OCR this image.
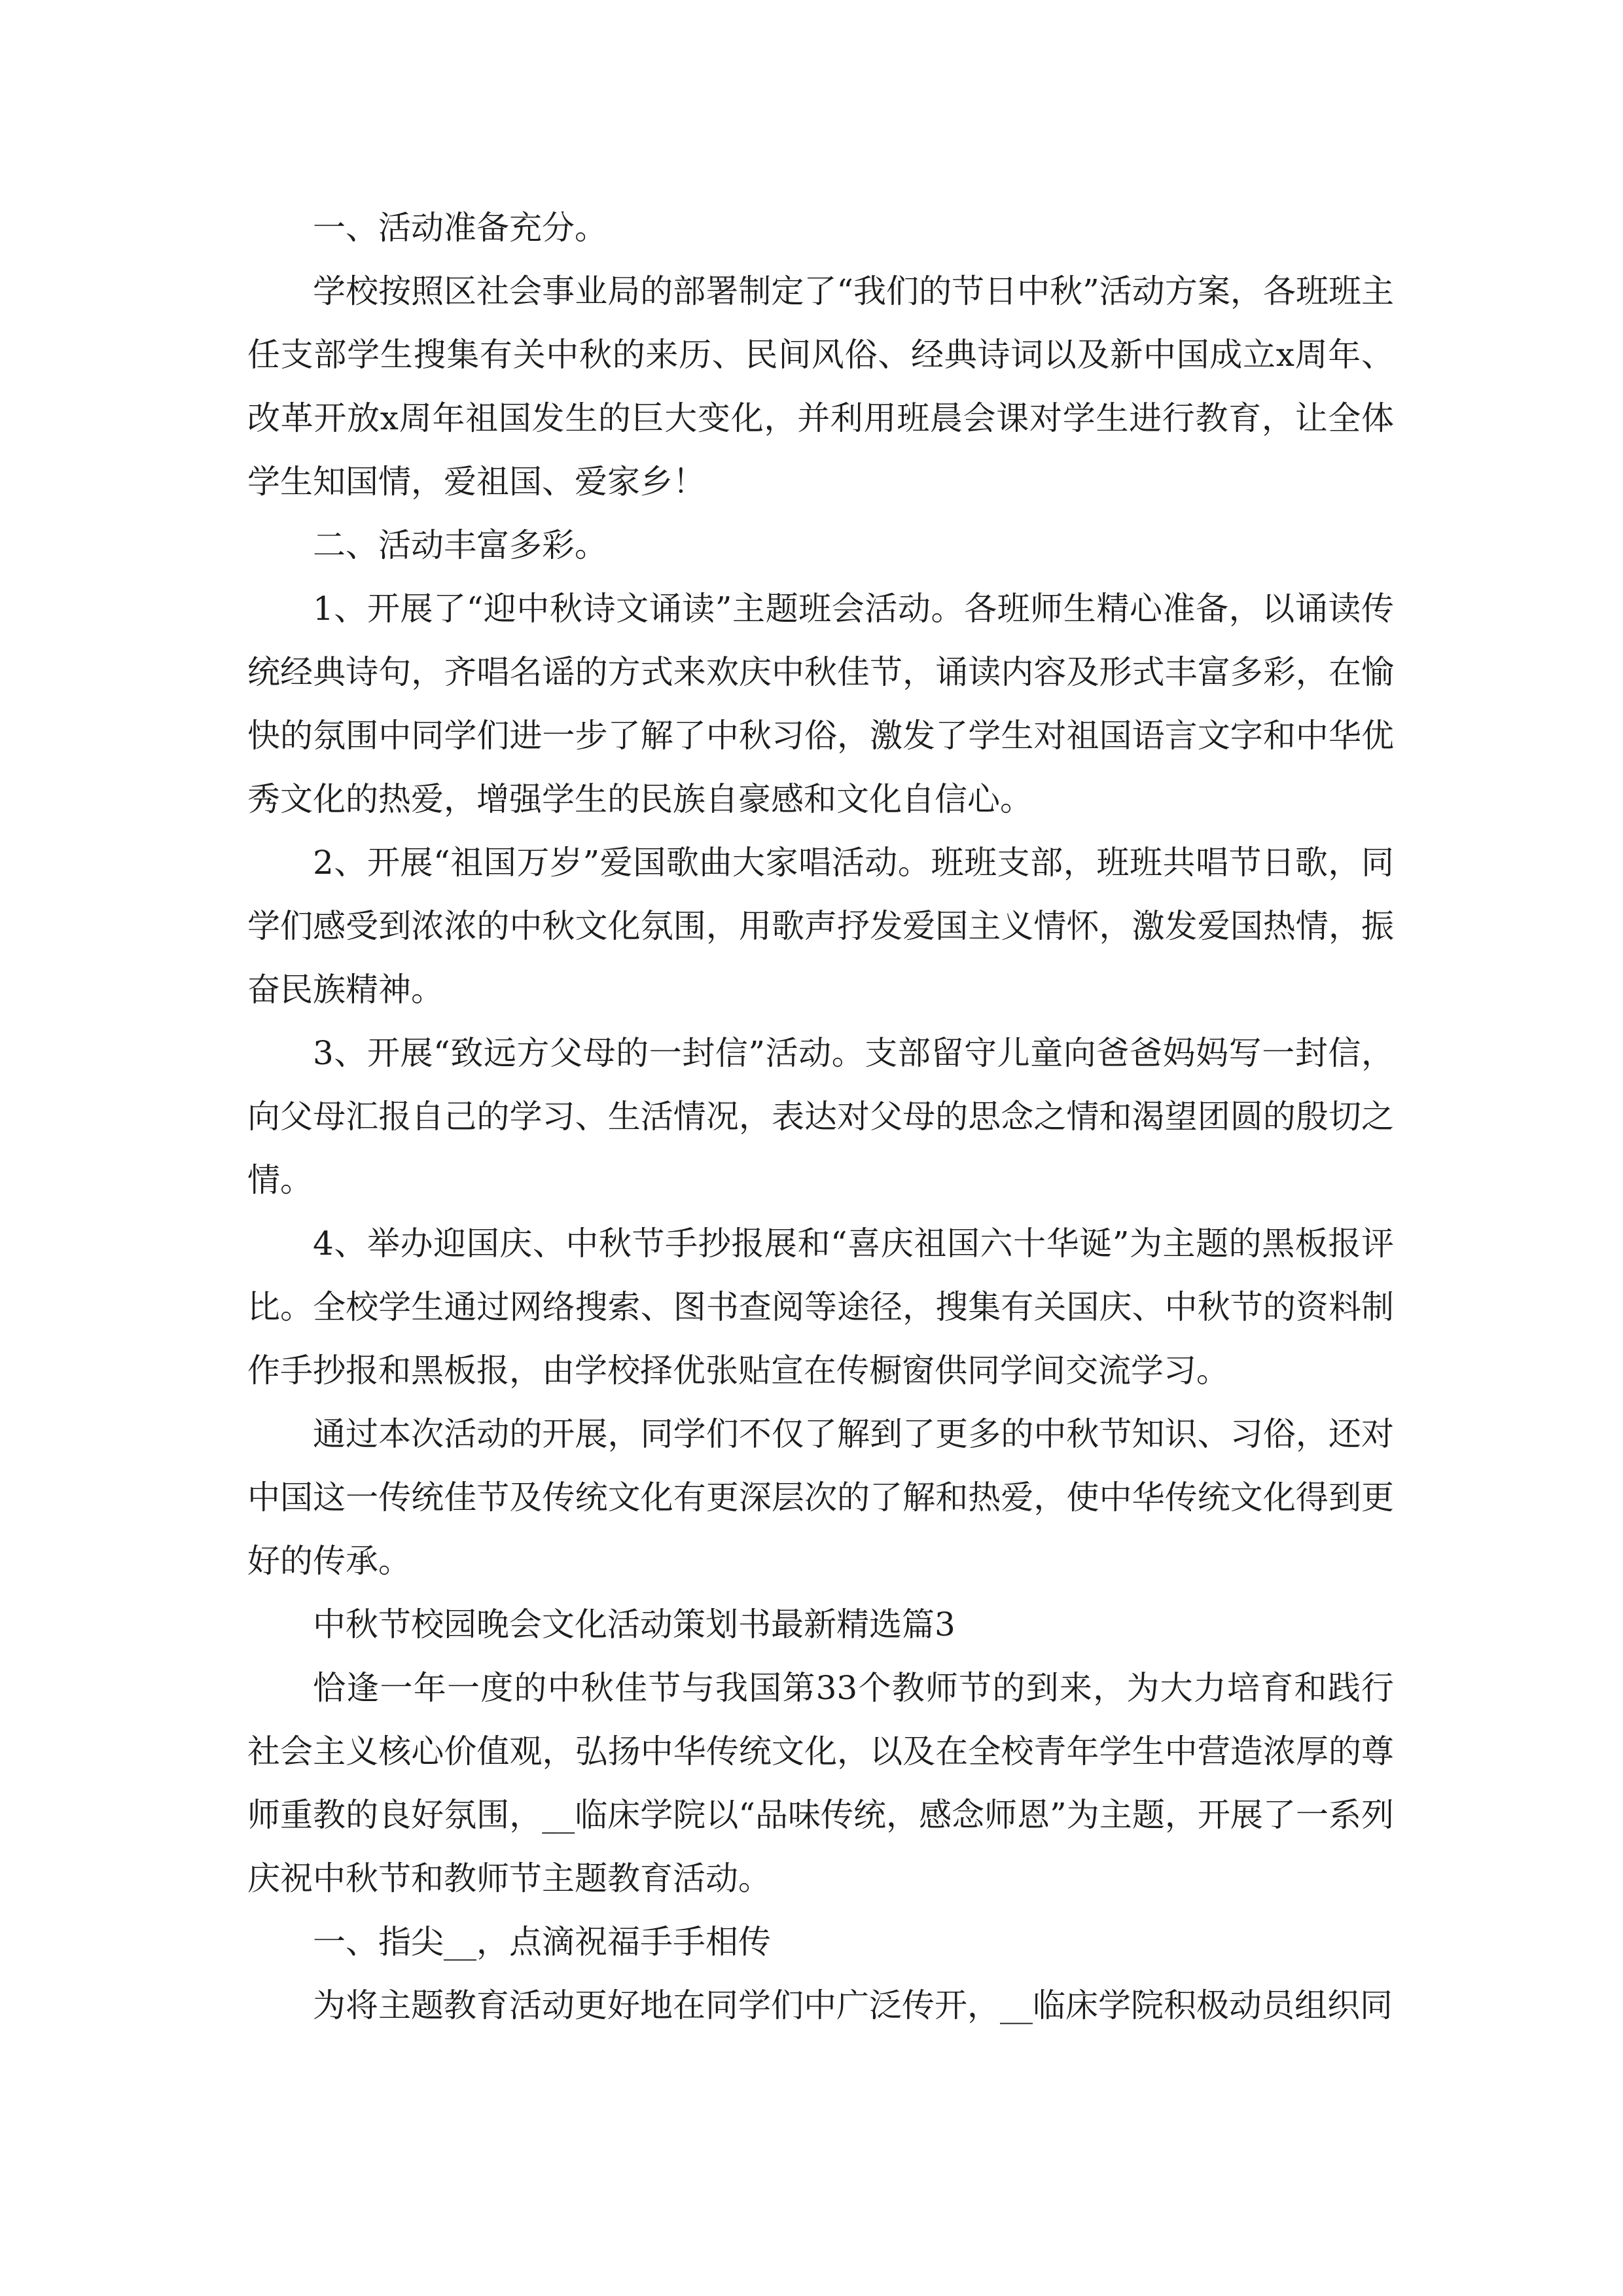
一、活动准备充分。

学校按照区社会事业局的部署制定了“我们的节日中秋”活动方案，各班班主任支部学生搜集有关中秋的来历、民间风俗、经典诗词以及新中国成立x周年、改革开放x周年祖国发生的巨大变化，并利用班晨会课对学生进行教育，让全体学生知国情，爱祖国、爱家乡！

二、活动丰富多彩。

1、开展了“迎中秋诗文诵读”主题班会活动。各班师生精心准备，以诵读传统经典诗句，齐唱名谣的方式来欢庆中秋佳节，诵读内容及形式丰富多彩，在愉快的氛围中同学们进一步了解了中秋习俗，激发了学生对祖国语言文字和中华优秀文化的热爱，增强学生的民族自豪感和文化自信心。

2、开展“祖国万岁”爱国歌曲大家唱活动。班班支部，班班共唱节日歌，同学们感受到浓浓的中秋文化氛围，用歌声抒发爱国主义情怀，激发爱国热情，振奋民族精神。

3、开展“致远方父母的一封信”活动。支部留守儿童向爸爸妈妈写一封信，向父母汇报自己的学习、生活情况，表达对父母的思念之情和渴望团圆的殷切之情。

4、举办迎国庆、中秋节手抄报展和“喜庆祖国六十华诞”为主题的黑板报评比。全校学生通过网络搜索、图书查阅等途径，搜集有关国庆、中秋节的资料制作手抄报和黑板报，由学校择优张贴宣在传橱窗供同学间交流学习。

通过本次活动的开展，同学们不仅了解到了更多的中秋节知识、习俗，还对中国这一传统佳节及传统文化有更深层次的了解和热爱，使中华传统文化得到更好的传承。

中秋节校园晚会文化活动策划书最新精选篇3

恰逢一年一度的中秋佳节与我国第33个教师节的到来，为大力培育和践行社会主义核心价值观，弘扬中华传统文化，以及在全校青年学生中营造浓厚的尊师重教的良好氛围，__临床学院以“品味传统，感念师恩”为主题，开展了一系列庆祝中秋节和教师节主题教育活动。

一、指尖__，点滴祝福手手相传

为将主题教育活动更好地在同学们中广泛传开，__临床学院积极动员组织同
